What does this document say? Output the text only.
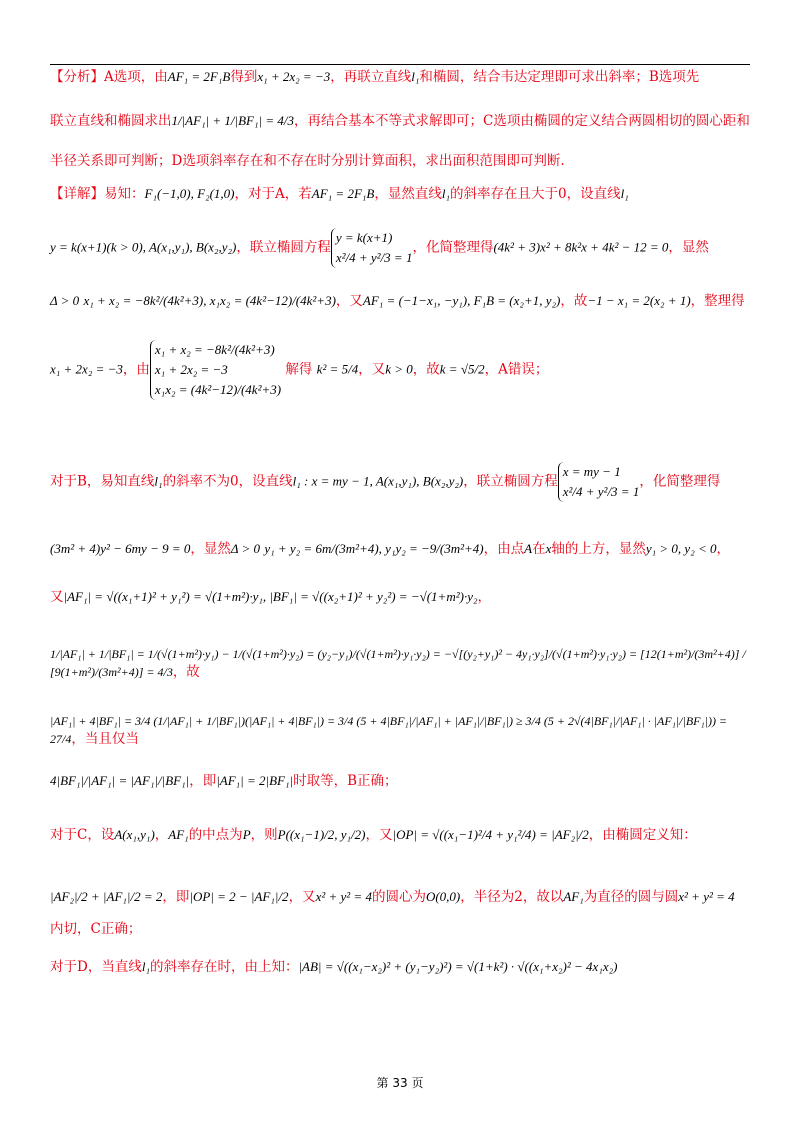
【分析】A选项，由AF₁ = 2F₁B得到x₁ + 2x₂ = −3，再联立直线l₁和椭圆，结合韦达定理即可求出斜率；B选项先
联立直线和椭圆求出1/|AF₁| + 1/|BF₁| = 4/3，再结合基本不等式求解即可；C选项由椭圆的定义结合两圆相切的圆心距和
半径关系即可判断；D选项斜率存在和不存在时分别计算面积，求出面积范围即可判断.
【详解】易知：F₁(−1,0), F₂(1,0)，对于A，若AF₁ = 2F₁B，显然直线l₁的斜率存在且大于0，设直线l₁
y = k(x+1)(k > 0), A(x₁,y₁), B(x₂,y₂)，联立椭圆方程
y = k(x+1)
x²/4 + y²/3 = 1
，化简整理得(4k² + 3)x² + 8k²x + 4k² − 12 = 0，显然
Δ > 0 x₁ + x₂ = −8k²/(4k²+3), x₁x₂ = (4k²−12)/(4k²+3)，又AF₁ = (−1−x₁, −y₁), F₁B = (x₂+1, y₂)，故−1 − x₁ = 2(x₂ + 1)，整理得
x₁ + 2x₂ = −3，由
x₁ + x₂ = −8k²/(4k²+3)
x₁ + 2x₂ = −3
x₁x₂ = (4k²−12)/(4k²+3)
解得 k² = 5/4，又k > 0，故k = √5/2，A错误；
对于B，易知直线l₁的斜率不为0，设直线l₁ : x = my − 1, A(x₁,y₁), B(x₂,y₂)，联立椭圆方程
x = my − 1
x²/4 + y²/3 = 1
，化简整理得
(3m² + 4)y² − 6my − 9 = 0，显然Δ > 0 y₁ + y₂ = 6m/(3m²+4), y₁y₂ = −9/(3m²+4)，由点A在x轴的上方，显然y₁ > 0, y₂ < 0，
又|AF₁| = √((x₁+1)² + y₁²) = √(1+m²)·y₁, |BF₁| = √((x₂+1)² + y₂²) = −√(1+m²)·y₂，
1/|AF₁| + 1/|BF₁| = 1/(√(1+m²)·y₁) − 1/(√(1+m²)·y₂) = (y₂−y₁)/(√(1+m²)·y₁·y₂) = −√[(y₂+y₁)² − 4y₁·y₂]/(√(1+m²)·y₁·y₂) = [12(1+m²)/(3m²+4)] / [9(1+m²)/(3m²+4)] = 4/3，故
|AF₁| + 4|BF₁| = 3/4 (1/|AF₁| + 1/|BF₁|)(|AF₁| + 4|BF₁|) = 3/4 (5 + 4|BF₁|/|AF₁| + |AF₁|/|BF₁|) ≥ 3/4 (5 + 2√(4|BF₁|/|AF₁| · |AF₁|/|BF₁|)) = 27/4，当且仅当
4|BF₁|/|AF₁| = |AF₁|/|BF₁|，即|AF₁| = 2|BF₁|时取等，B正确；
对于C，设A(x₁,y₁)，AF₁的中点为P，则P((x₁−1)/2, y₁/2)，又|OP| = √((x₁−1)²/4 + y₁²/4) = |AF₂|/2，由椭圆定义知：
|AF₂|/2 + |AF₁|/2 = 2，即|OP| = 2 − |AF₁|/2，又x² + y² = 4的圆心为O(0,0)，半径为2，故以AF₁为直径的圆与圆x² + y² = 4
内切，C正确；
对于D，当直线l₁的斜率存在时，由上知：|AB| = √((x₁−x₂)² + (y₁−y₂)²) = √(1+k²) · √((x₁+x₂)² − 4x₁x₂)
第 33 页
